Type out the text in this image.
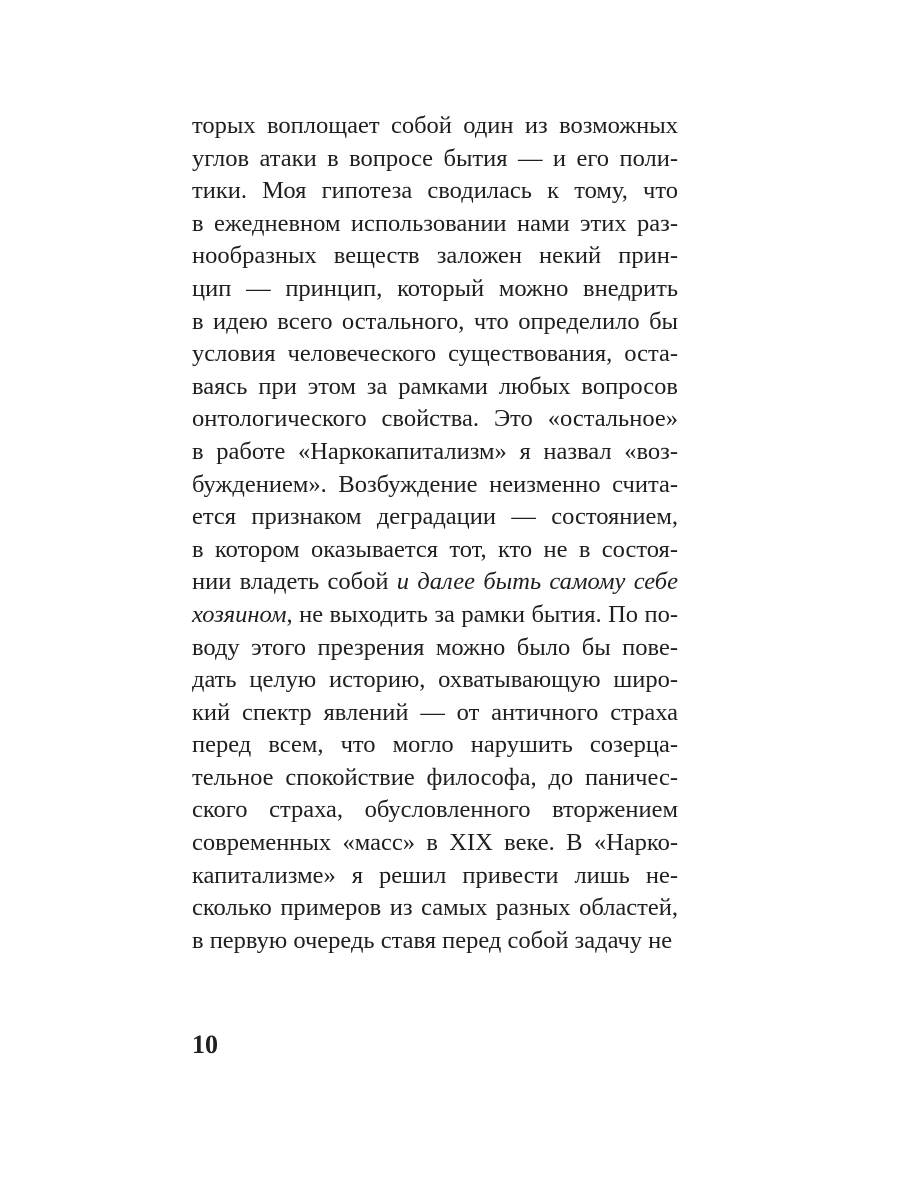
торых воплощает собой один из возможных
углов атаки в вопросе бытия — и его поли-
тики. Моя гипотеза сводилась к тому, что
в ежедневном использовании нами этих раз-
нообразных веществ заложен некий прин-
цип — принцип, который можно внедрить
в идею всего остального, что определило бы
условия человеческого существования, оста-
ваясь при этом за рамками любых вопросов
онтологического свойства. Это «остальное»
в работе «Наркокапитализм» я назвал «воз-
буждением». Возбуждение неизменно счита-
ется признаком деградации — состоянием,
в котором оказывается тот, кто не в состоя-
нии владеть собой и далее быть самому себе
хозяином, не выходить за рамки бытия. По по-
воду этого презрения можно было бы пове-
дать целую историю, охватывающую широ-
кий спектр явлений — от античного страха
перед всем, что могло нарушить созерца-
тельное спокойствие философа, до паничес-
ского страха, обусловленного вторжением
современных «масс» в XIX веке. В «Нарко-
капитализме» я решил привести лишь не-
сколько примеров из самых разных областей,
в первую очередь ставя перед собой задачу не
10
